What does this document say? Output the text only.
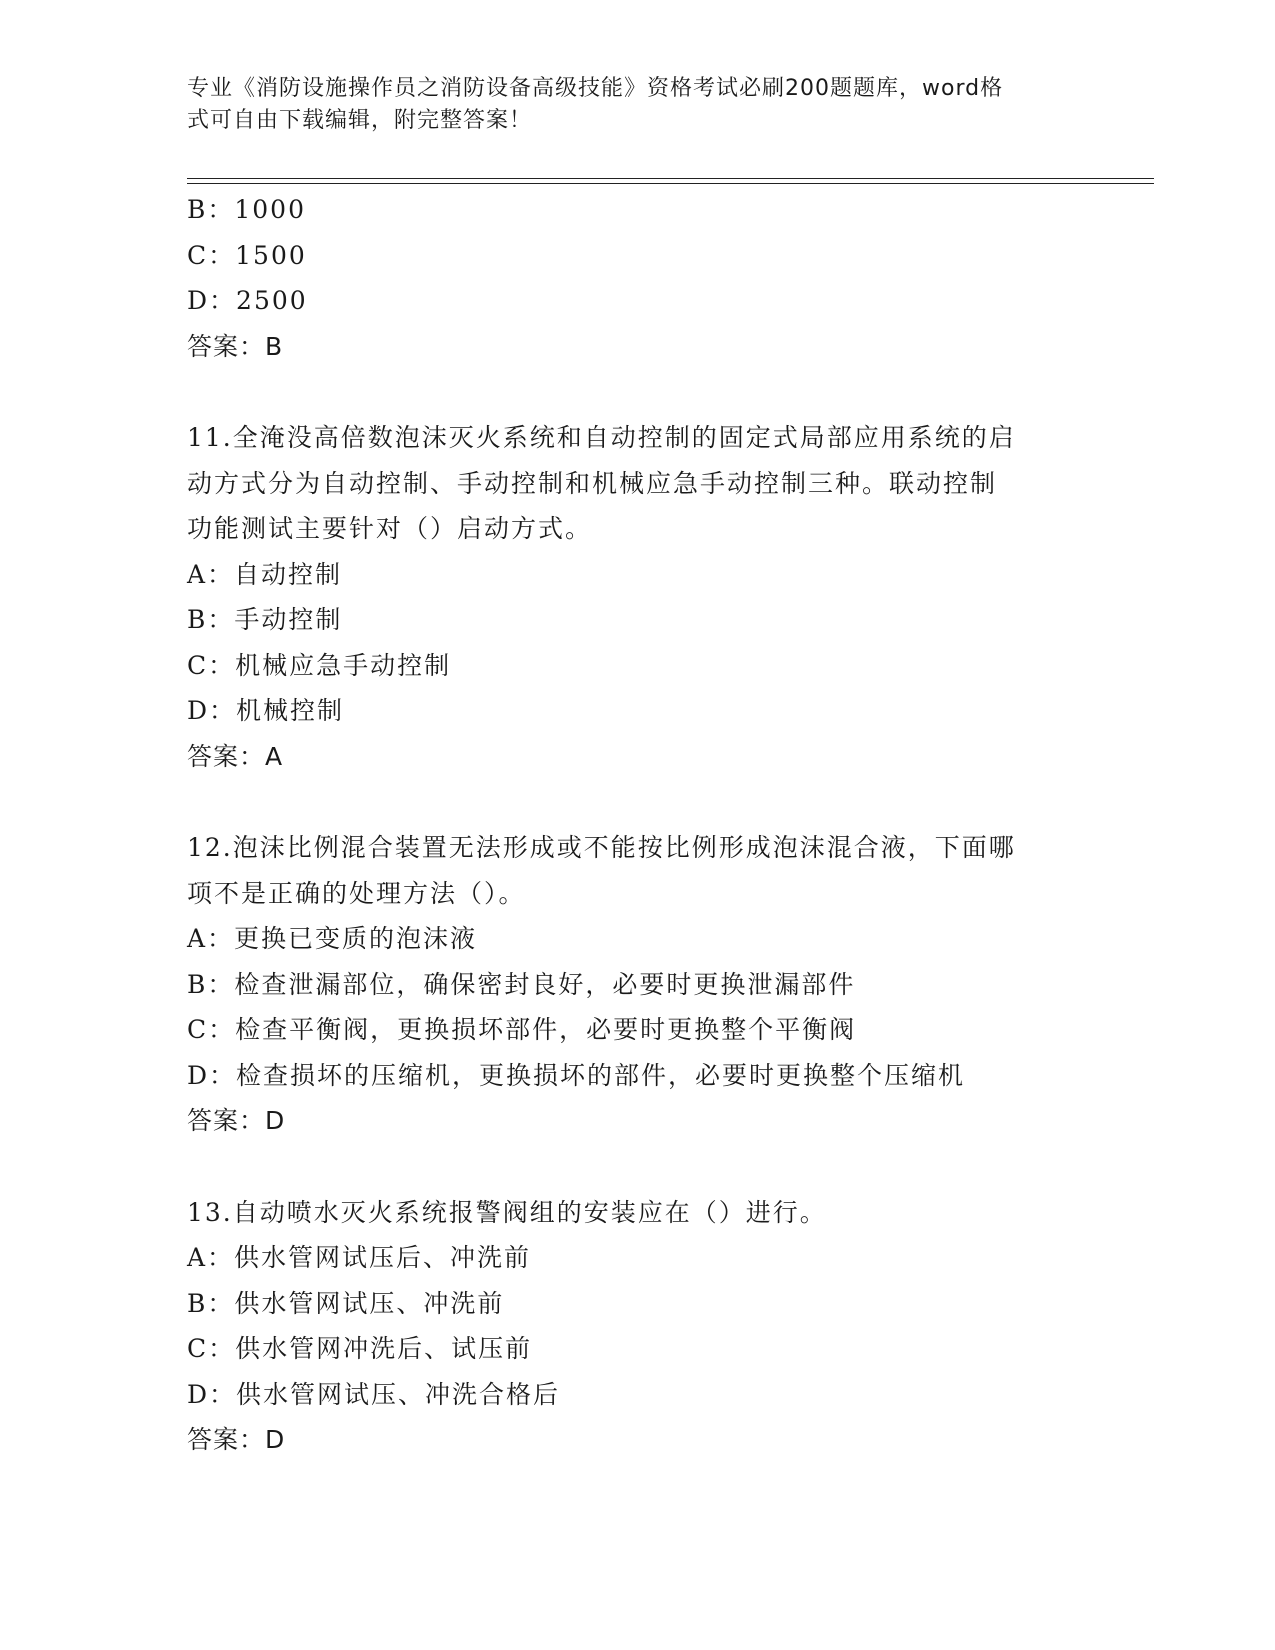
专业《消防设施操作员之消防设备高级技能》资格考试必刷200题题库，word格
式可自由下载编辑，附完整答案！
B：1000
C：1500
D：2500
答案：B
11.全淹没高倍数泡沫灭火系统和自动控制的固定式局部应用系统的启
动方式分为自动控制、手动控制和机械应急手动控制三种。联动控制
功能测试主要针对（）启动方式。
A：自动控制
B：手动控制
C：机械应急手动控制
D：机械控制
答案：A
12.泡沫比例混合装置无法形成或不能按比例形成泡沫混合液，下面哪
项不是正确的处理方法（）。
A：更换已变质的泡沫液
B：检查泄漏部位，确保密封良好，必要时更换泄漏部件
C：检查平衡阀，更换损坏部件，必要时更换整个平衡阀
D：检查损坏的压缩机，更换损坏的部件，必要时更换整个压缩机
答案：D
13.自动喷水灭火系统报警阀组的安装应在（）进行。
A：供水管网试压后、冲洗前
B：供水管网试压、冲洗前
C：供水管网冲洗后、试压前
D：供水管网试压、冲洗合格后
答案：D
